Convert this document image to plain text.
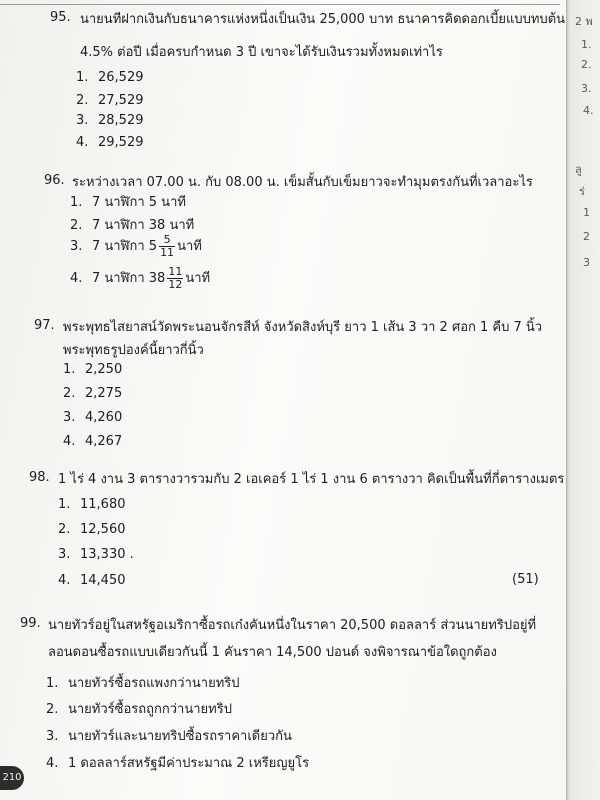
95. นายนทีฝากเงินกับธนาคารแห่งหนึ่งเป็นเงิน 25,000 บาท ธนาคารคิดดอกเบี้ยแบบทบต้น
4.5% ต่อปี เมื่อครบกำหนด 3 ปี เขาจะได้รับเงินรวมทั้งหมดเท่าไร
1. 26,529
2. 27,529
3. 28,529
4. 29,529
96. ระหว่างเวลา 07.00 น. กับ 08.00 น. เข็มสั้นกับเข็มยาวจะทำมุมตรงกันที่เวลาอะไร
1. 7 นาฬิกา 5 นาที
2. 7 นาฬิกา 38 นาที
3. 7 นาฬิกา $5 \frac{5}{11}$ นาที
4. 7 นาฬิกา $38 \frac{11}{12}$ นาที
97. พระพุทธไสยาสน์วัดพระนอนจักรสีห์ จังหวัดสิงห์บุรี ยาว 1 เส้น 3 วา 2 ศอก 1 คืบ 7 นิ้ว
พระพุทธรูปองค์นี้ยาวกี่นิ้ว
1. 2,250
2. 2,275
3. 4,260
4. 4,267
98. 1 ไร่ 4 งาน 3 ตารางวารวมกับ 2 เอเคอร์ 1 ไร่ 1 งาน 6 ตารางวา คิดเป็นพื้นที่กี่ตารางเมตร
1. 11,680
2. 12,560
3. 13,330 .
4. 14,450	(51)
99. นายทัวร์อยู่ในสหรัฐอเมริกาซื้อรถเก๋งคันหนึ่งในราคา 20,500 ดอลลาร์ ส่วนนายทริปอยู่ที่
ลอนดอนซื้อรถแบบเดียวกันนี้ 1 คันราคา 14,500 ปอนด์ จงพิจารณาข้อใดถูกต้อง
1. นายทัวร์ซื้อรถแพงกว่านายทริป
2. นายทัวร์ซื้อรถถูกกว่านายทริป
3. นายทัวร์และนายทริปซื้อรถราคาเดียวกัน
4. 1 ดอลลาร์สหรัฐมีค่าประมาณ 2 เหรียญยูโร
210
2 พ
1.
2.
3.
4.
ลู
ร่
1
2
3
